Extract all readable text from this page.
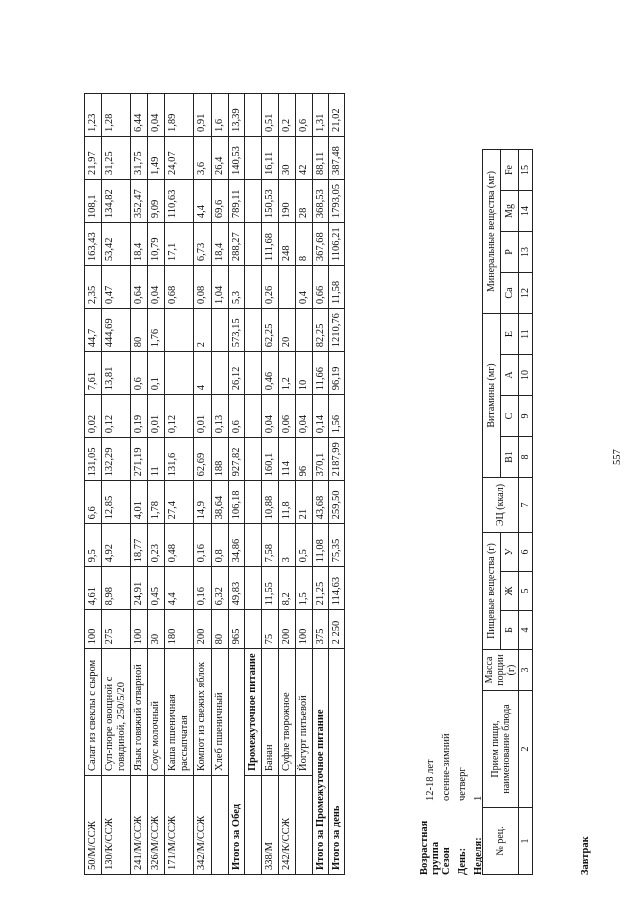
50/М/ССЖ	Салат из свеклы с сыром	100	4,61	9,5	6,6	131,05	0,02	7,61	44,7	2,35	163,43	108,1	21,97	1,23
130/К/ССЖ	Суп-пюре овощной с говядиной, 250/5/20	275	8,98	4,92	12,85	132,29	0,12	13,81	444,69	0,47	53,42	134,82	31,25	1,28
241/М/ССЖ	Язык говяжий отварной	100	24,91	18,77	4,01	271,19	0,19	0,6	80	0,64	18,4	352,47	31,75	6,44
326/М/ССЖ	Соус молочный	30	0,45	0,23	1,78	11	0,01	0,1	1,76	0,04	10,79	9,09	1,49	0,04
171/М/ССЖ	Каша пшеничная рассыпчатая	180	4,4	0,48	27,4	131,6	0,12			0,68	17,1	110,63	24,07	1,89
342/М/ССЖ	Компот из свежих яблок	200	0,16	0,16	14,9	62,69	0,01	4	2	0,08	6,73	4,4	3,6	0,91
	Хлеб пшеничный	80	6,32	0,8	38,64	188	0,13			1,04	18,4	69,6	26,4	1,6
Итого за Обед		965	49,83	34,86	106,18	927,82	0,6	26,12	573,15	5,3	288,27	789,11	140,53	13,39
	Промежуточное питание													
338/М	Банан	75	11,55	7,58	10,88	160,1	0,04	0,46	62,25	0,26	111,68	150,53	16,11	0,51
242/К/ССЖ	Суфле творожное	200	8,2	3	11,8	114	0,06	1,2	20		248	190	30	0,2
	Йогурт питьевой	100	1,5	0,5	21	96	0,04	10		0,4	8	28	42	0,6
Итого за Промежуточное питание		375	21,25	11,08	43,68	370,1	0,14	11,66	82,25	0,66	367,68	368,53	88,11	1,31
Итого за день		2 250	114,63	75,35	259,50	2187,99	1,56	96,19	1210,76	11,58	1106,21	1793,05	387,48	21,02
Возрастная группа
12-18 лет
Сезон
осенне-зимний
День:
четверг
Неделя:
1
№ рец.	Прием пищи, наименование блюда	Масса порции (г)	Пищевые вещества (г)			ЭЦ (ккал)	Витамины (мг)				Минеральные вещества (мг)			
			Б	Ж	У		В1	С	А	Е	Са	Р	Mg	Fe
1	2	3	4	5	6	7	8	9	10	11	12	13	14	15
Завтрак
557
